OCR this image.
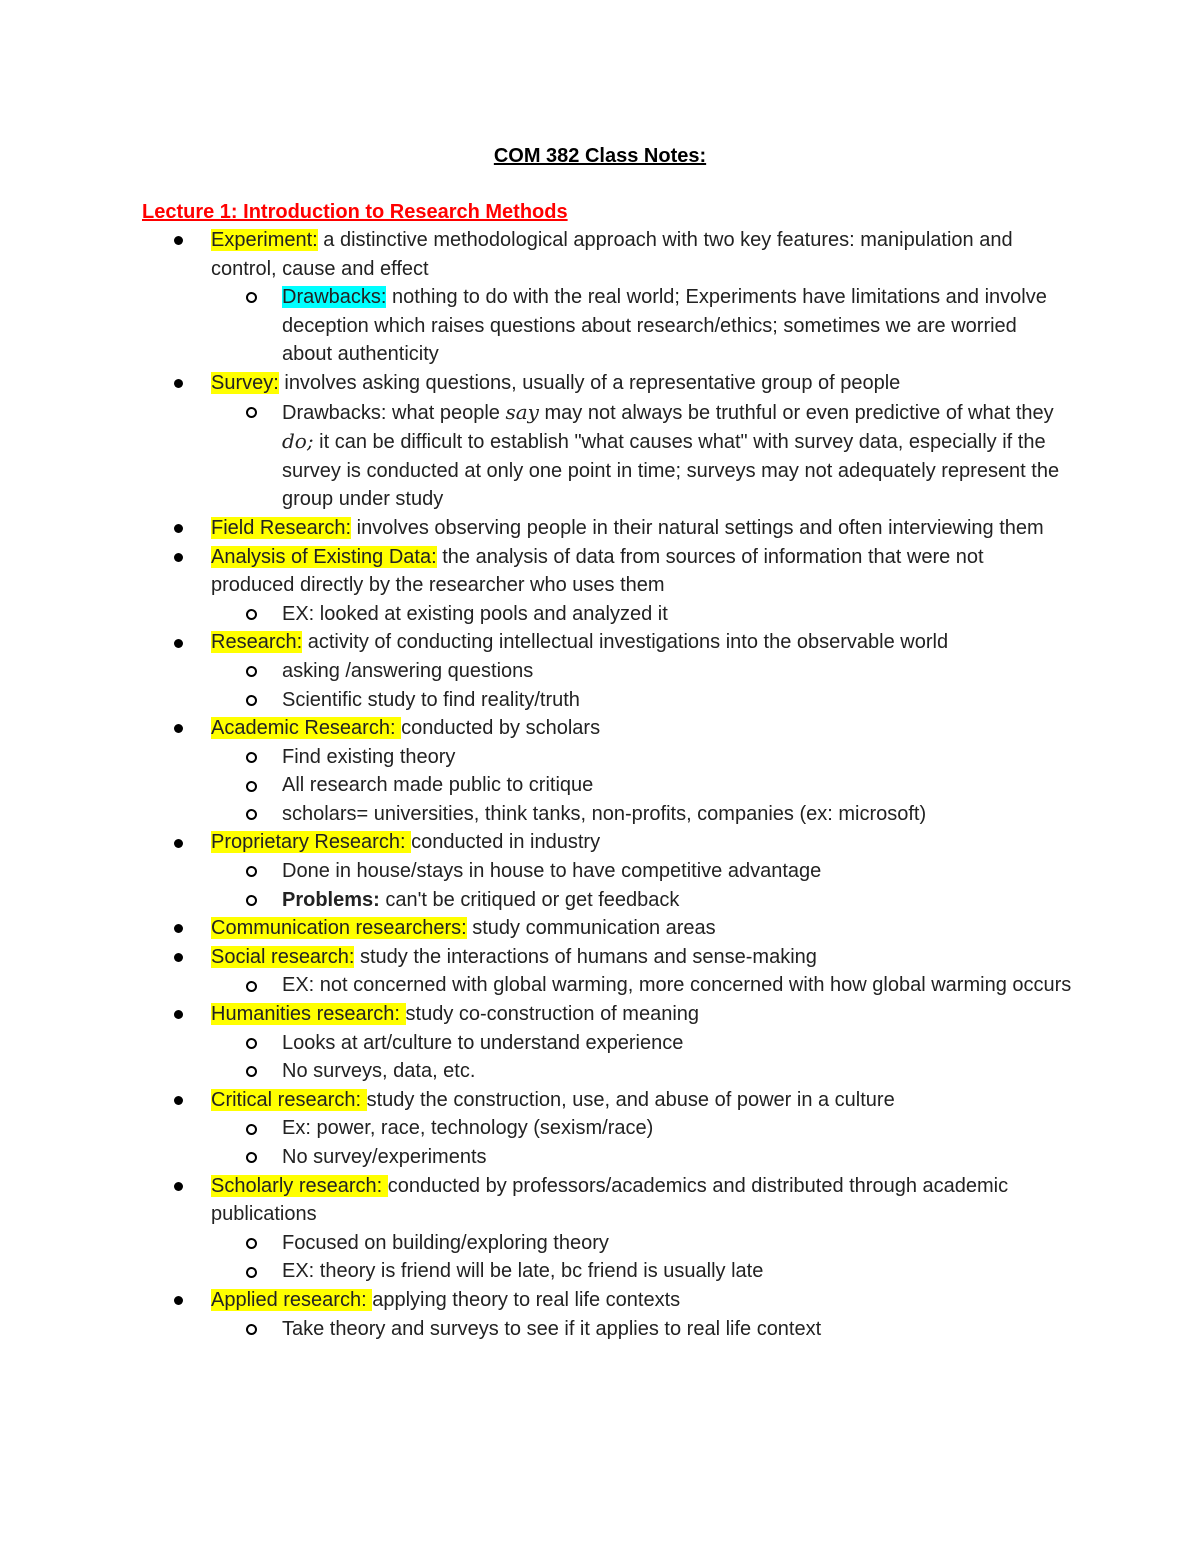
COM 382 Class Notes:
Lecture 1: Introduction to Research Methods
Experiment: a distinctive methodological approach with two key features: manipulation and control, cause and effect
Drawbacks: nothing to do with the real world; Experiments have limitations and involve deception which raises questions about research/ethics; sometimes we are worried about authenticity
Survey: involves asking questions, usually of a representative group of people
Drawbacks: what people say may not always be truthful or even predictive of what they do; it can be difficult to establish "what causes what" with survey data, especially if the survey is conducted at only one point in time; surveys may not adequately represent the group under study
Field Research: involves observing people in their natural settings and often interviewing them
Analysis of Existing Data: the analysis of data from sources of information that were not produced directly by the researcher who uses them
EX: looked at existing pools and analyzed it
Research: activity of conducting intellectual investigations into the observable world
asking /answering questions
Scientific study to find reality/truth
Academic Research: conducted by scholars
Find existing theory
All research made public to critique
scholars= universities, think tanks, non-profits, companies (ex: microsoft)
Proprietary Research: conducted in industry
Done in house/stays in house to have competitive advantage
Problems: can't be critiqued or get feedback
Communication researchers: study communication areas
Social research: study the interactions of humans and sense-making
EX: not concerned with global warming, more concerned with how global warming occurs
Humanities research: study co-construction of meaning
Looks at art/culture to understand experience
No surveys, data, etc.
Critical research: study the construction, use, and abuse of power in a culture
Ex: power, race, technology (sexism/race)
No survey/experiments
Scholarly research: conducted by professors/academics and distributed through academic publications
Focused on building/exploring theory
EX: theory is friend will be late, bc friend is usually late
Applied research: applying theory to real life contexts
Take theory and surveys to see if it applies to real life context
